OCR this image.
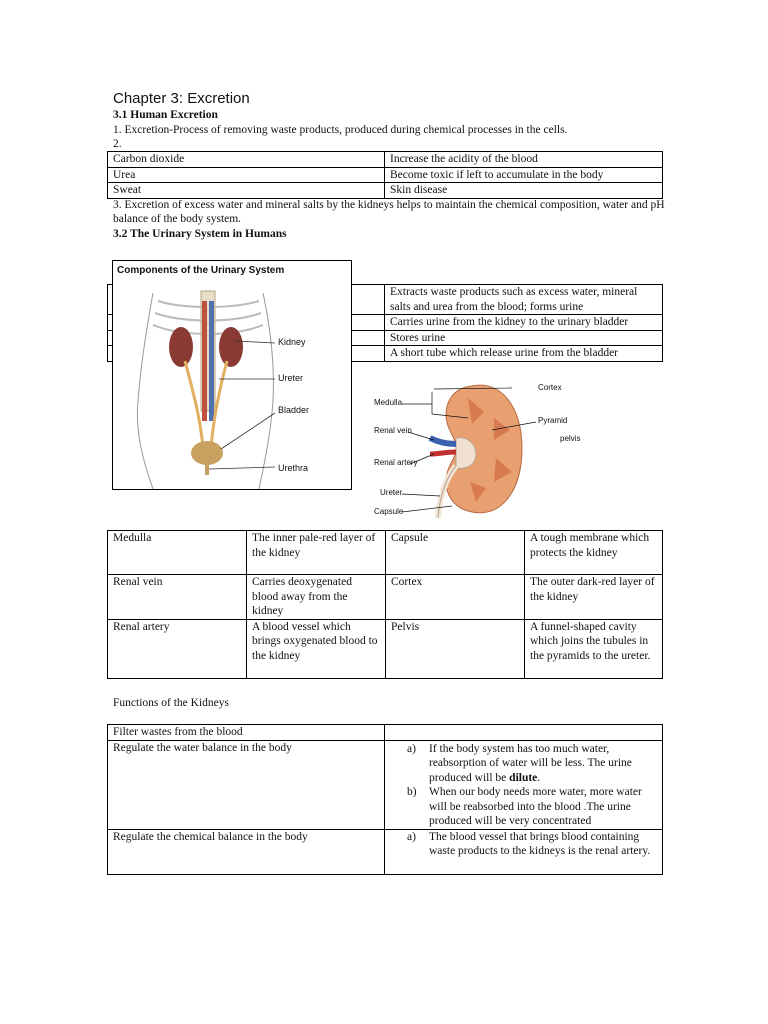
Chapter 3: Excretion
3.1 Human Excretion
1. Excretion-Process of removing waste products, produced during chemical processes in the cells.
2.
Carbon dioxide	Increase the acidity of the blood
Urea	Become toxic if left to accumulate in the body
Sweat	Skin disease
3. Excretion of excess water and mineral salts by the kidneys helps to maintain the chemical composition, water and pH balance of the body system.
3.2 The Urinary System in Humans
	Extracts waste products such as excess water, mineral salts and urea from the blood; forms urine
	Carries urine from the kidney to the urinary bladder
	Stores urine
	A short tube which release urine from the bladder
Components of the Urinary System
Kidney
Ureter
Bladder
Urethra
Cortex
Medulla
Pyramid
pelvis
Renal vein
Renal artery
Ureter
Capsule
Medulla	The inner pale-red layer of the kidney	Capsule	A tough membrane which protects the kidney
Renal vein	Carries deoxygenated blood away from the kidney	Cortex	The outer dark-red layer of the kidney
Renal artery	A blood vessel which brings oxygenated blood to the kidney	Pelvis	A funnel-shaped cavity which joins the tubules in the pyramids to the ureter.
Functions of the Kidneys
Filter wastes from the blood	
Regulate the water balance in the body	a) If the body system has too much water, reabsorption of water will be less. The urine produced will be dilute.
b) When our body needs more water, more water will be reabsorbed into the blood .The urine produced will be very concentrated

Regulate the chemical balance in the body	a) The blood vessel that brings blood containing waste products to the kidneys is the renal artery.
